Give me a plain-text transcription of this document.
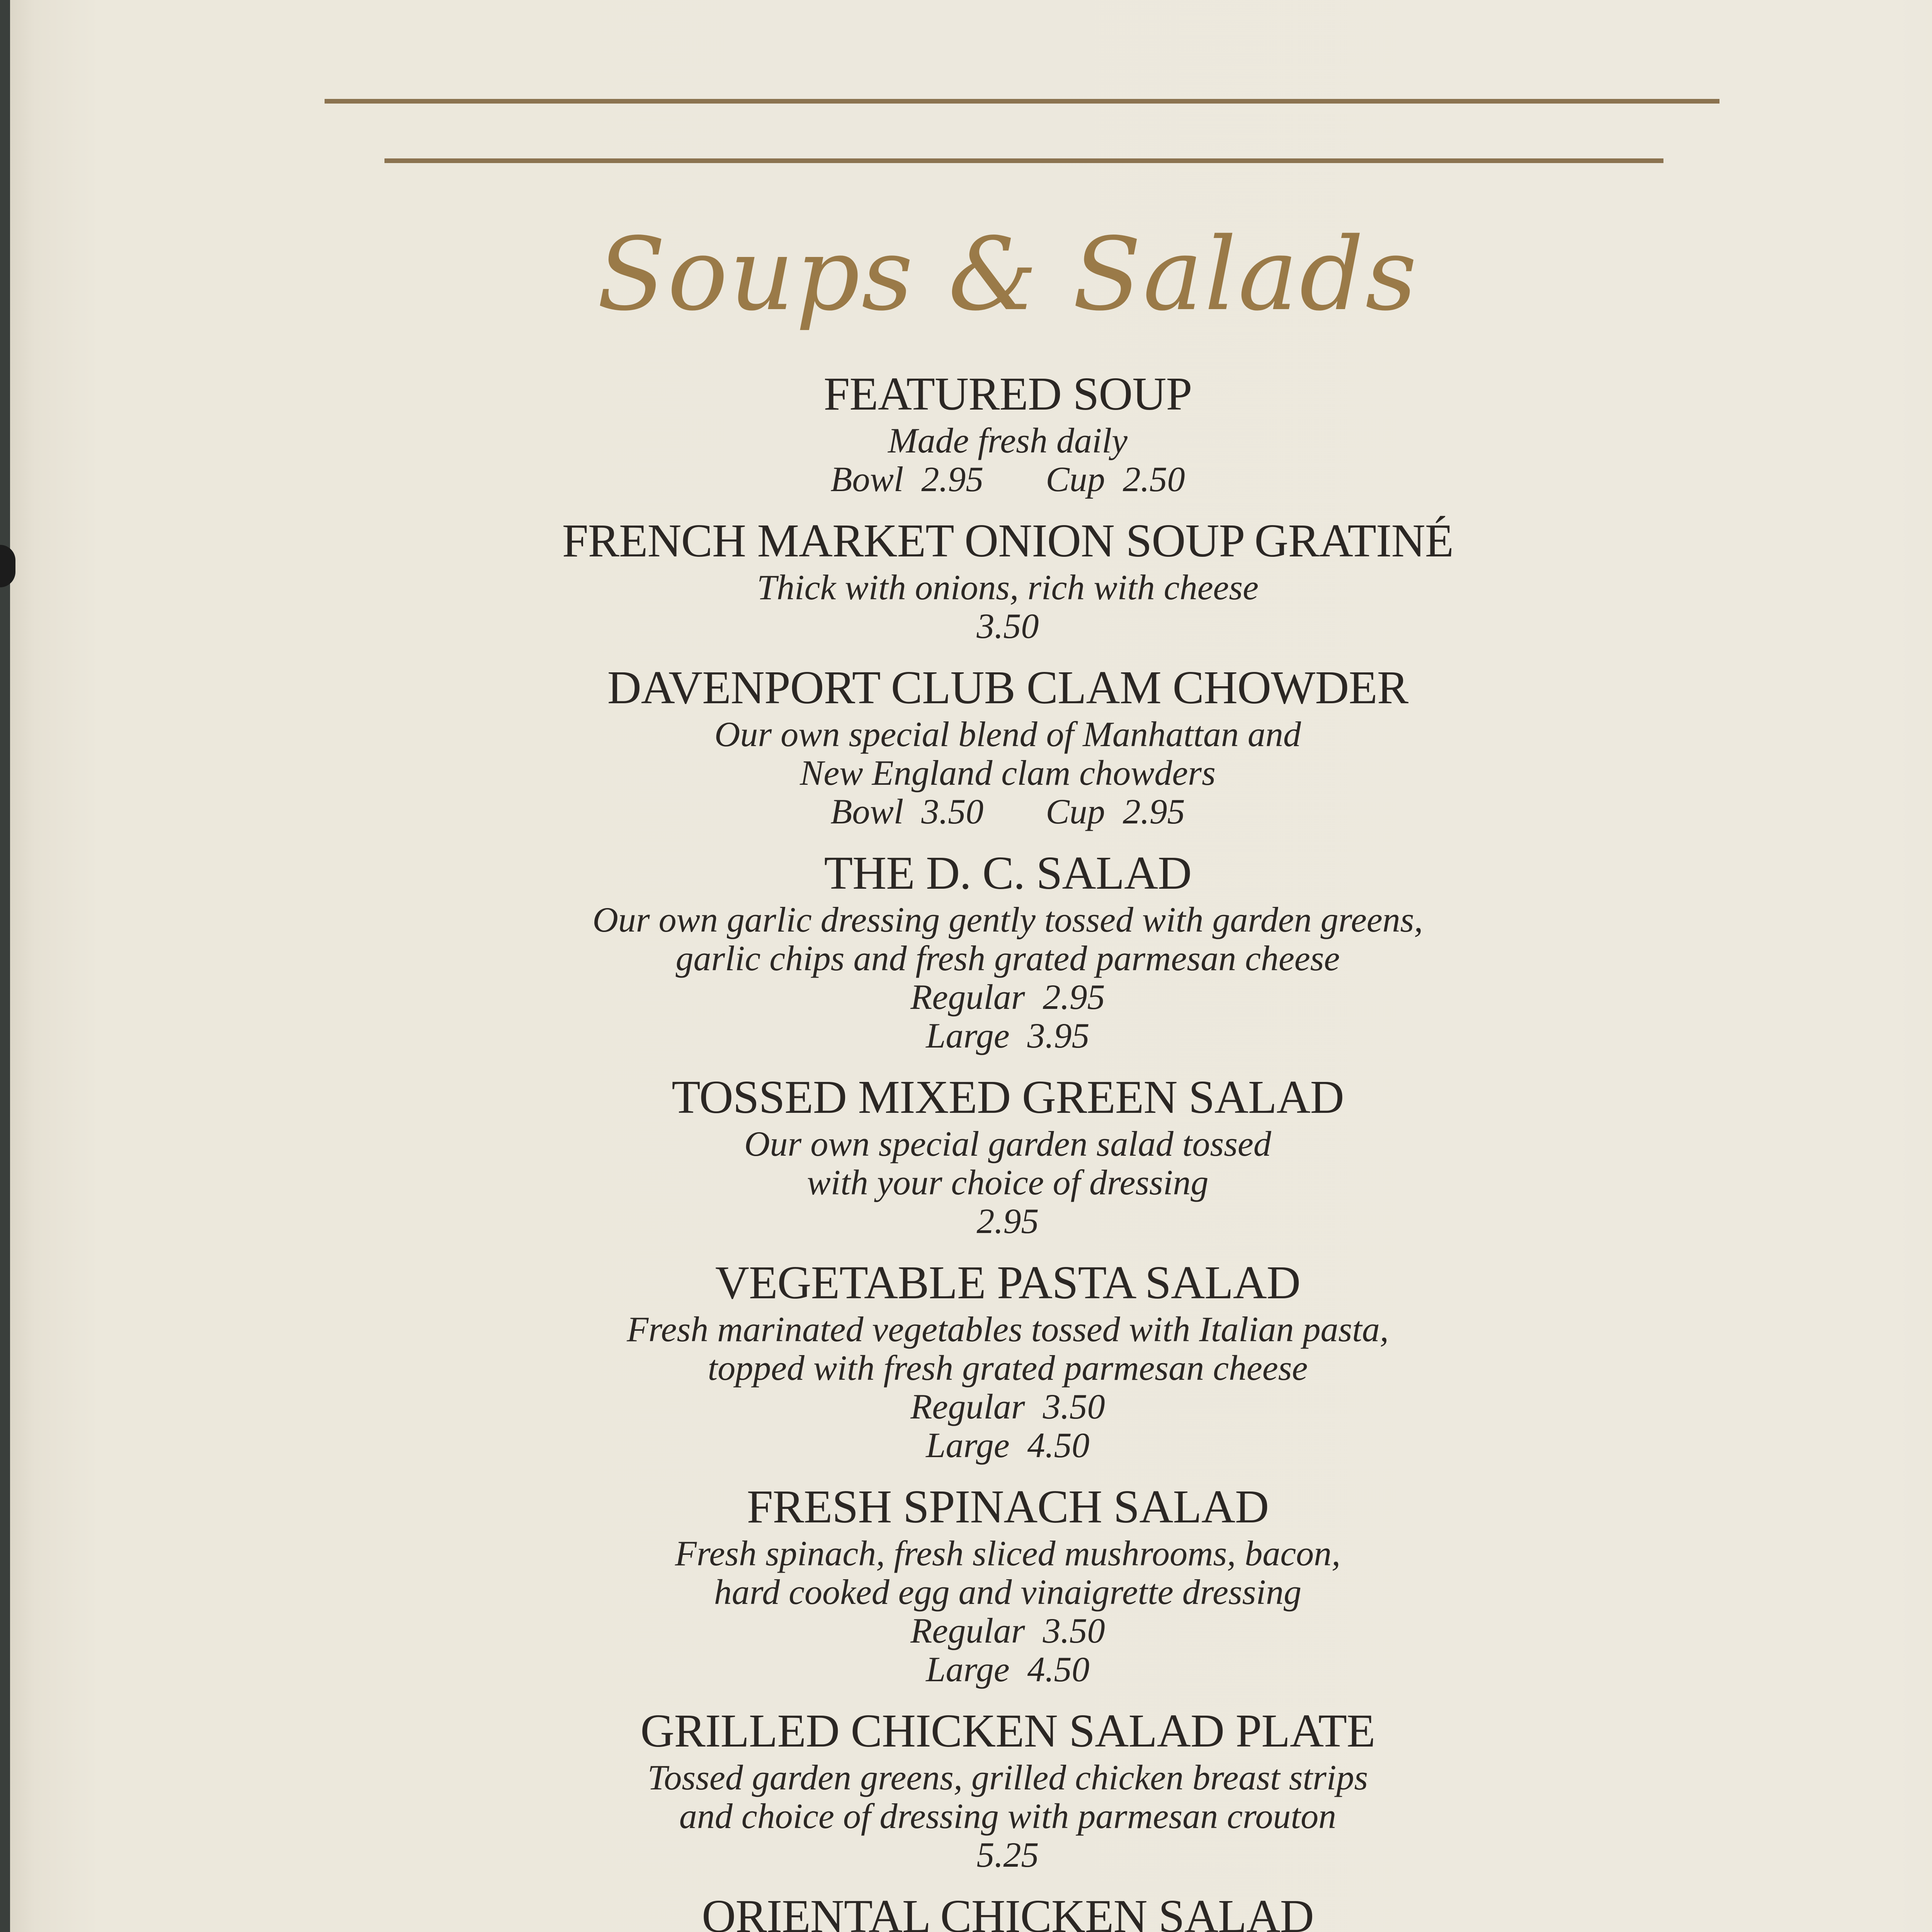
Soups & Salads
FEATURED SOUP
Made fresh daily
Bowl  2.95       Cup  2.50
FRENCH MARKET ONION SOUP GRATINÉ
Thick with onions, rich with cheese
3.50
DAVENPORT CLUB CLAM CHOWDER
Our own special blend of Manhattan and
New England clam chowders
Bowl  3.50       Cup  2.95
THE D. C. SALAD
Our own garlic dressing gently tossed with garden greens,
garlic chips and fresh grated parmesan cheese
Regular  2.95
Large  3.95
TOSSED MIXED GREEN SALAD
Our own special garden salad tossed
with your choice of dressing
2.95
VEGETABLE PASTA SALAD
Fresh marinated vegetables tossed with Italian pasta,
topped with fresh grated parmesan cheese
Regular  3.50
Large  4.50
FRESH SPINACH SALAD
Fresh spinach, fresh sliced mushrooms, bacon,
hard cooked egg and vinaigrette dressing
Regular  3.50
Large  4.50
GRILLED CHICKEN SALAD PLATE
Tossed garden greens, grilled chicken breast strips
and choice of dressing with parmesan crouton
5.25
ORIENTAL CHICKEN SALAD
